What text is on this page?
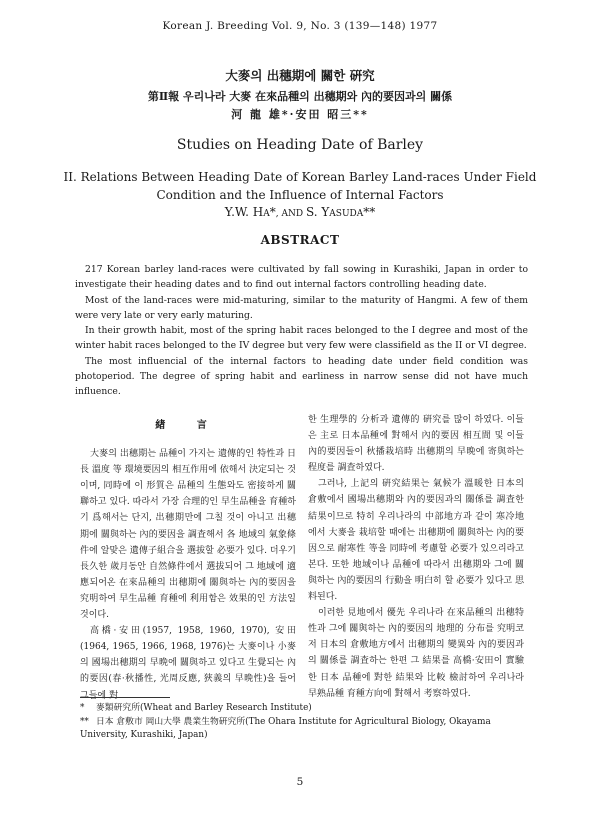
Korean J. Breeding Vol. 9, No. 3 (139—148) 1977
大麥의 出穗期에 關한 硏究
第Ⅱ報 우리나라 大麥 在來品種의 出穗期와 內的要因과의 關係
河 龍 雄*·安田 昭三**
Studies on Heading Date of Barley
II. Relations Between Heading Date of Korean Barley Land-races Under Field
Condition and the Influence of Internal Factors
Y.W. HA*, AND S. YASUDA**
ABSTRACT

217 Korean barley land-races were cultivated by fall sowing in Kurashiki, Japan in order to investigate their heading dates and to find out internal factors controlling heading date.

Most of the land-races were mid-maturing, similar to the maturity of Hangmi. A few of them were very late or very early maturing.

In their growth habit, most of the spring habit races belonged to the I degree and most of the winter habit races belonged to the IV degree but very few were classifield as the II or VI degree.

The most influencial of the internal factors to heading date under field condition was photoperiod. The degree of spring habit and earliness in narrow sense did not have much influence.

緖 言

大麥의 出穗期는 品種이 가지는 遺傳的인 特性과 日長 溫度 等 環境要因의 相互作用에 依해서 決定되는 것이며, 同時에 이 形質은 品種의 生態와도 密接하게 關聯하고 있다. 따라서 가장 合理的인 早生品種을 育種하기 爲해서는 단지, 出穗期만에 그칠 것이 아니고 出穗期에 關與하는 內的要因을 調査해서 各 地域의 氣象條件에 알맞은 遺傳子組合을 選拔할 必要가 있다. 더우기 長久한 歲月동안 自然條件에서 選拔되어 그 地域에 適應되어온 在來品種의 出穗期에 關與하는 內的要因을 究明하여 早生品種 育種에 利用함은 效果的인 方法일 것이다.

高橋·安田(1957, 1958, 1960, 1970), 安田(1964, 1965, 1966, 1968, 1976)는 大麥이나 小麥의 國場出穗期의 早晩에 關與하고 있다고 生覺되는 內的要因(春·秋播性, 光周反應, 狹義의 早晩性)을 들어 그들에 對

한 生理學的 分析과 遺傳的 硏究를 많이 하였다. 이들은 主로 日本品種에 對해서 內的要因 相互間 및 이들 內的要因들이 秋播栽培時 出穗期의 早晩에 寄與하는 程度를 調査하였다.

그러나, 上記의 硏究結果는 氣候가 溫暖한 日本의 倉敷에서 國場出穗期와 內的要因과의 關係를 調査한 結果이므로 特히 우리나라의 中部地方과 같이 寒冷地에서 大麥을 栽培할 때에는 出穗期에 關與하는 內的要因으로 耐寒性 等을 同時에 考慮할 必要가 있으리라고 본다. 또한 地域이나 品種에 따라서 出穗期와 그에 關與하는 內的要因의 行動을 明白히 할 必要가 있다고 思料된다.

이러한 見地에서 優先 우리나라 在來品種의 出穗特性과 그에 關與하는 內的要因의 地理的 分布를 究明코저 日本의 倉敷地方에서 出穗期의 變異와 內的要因과의 關係를 調査하는 한편 그 結果를 高橋·安田이 實驗한 日本 品種에 對한 結果와 比較 檢討하여 우리나라 早熟品種 育種方向에 對해서 考察하였다.

* 麥類硏究所(Wheat and Barley Research Institute)
** 日本 倉敷市 岡山大學 農業生物硏究所(The Ohara Institute for Agricultural Biology, Okayama University, Kurashiki, Japan)
5
